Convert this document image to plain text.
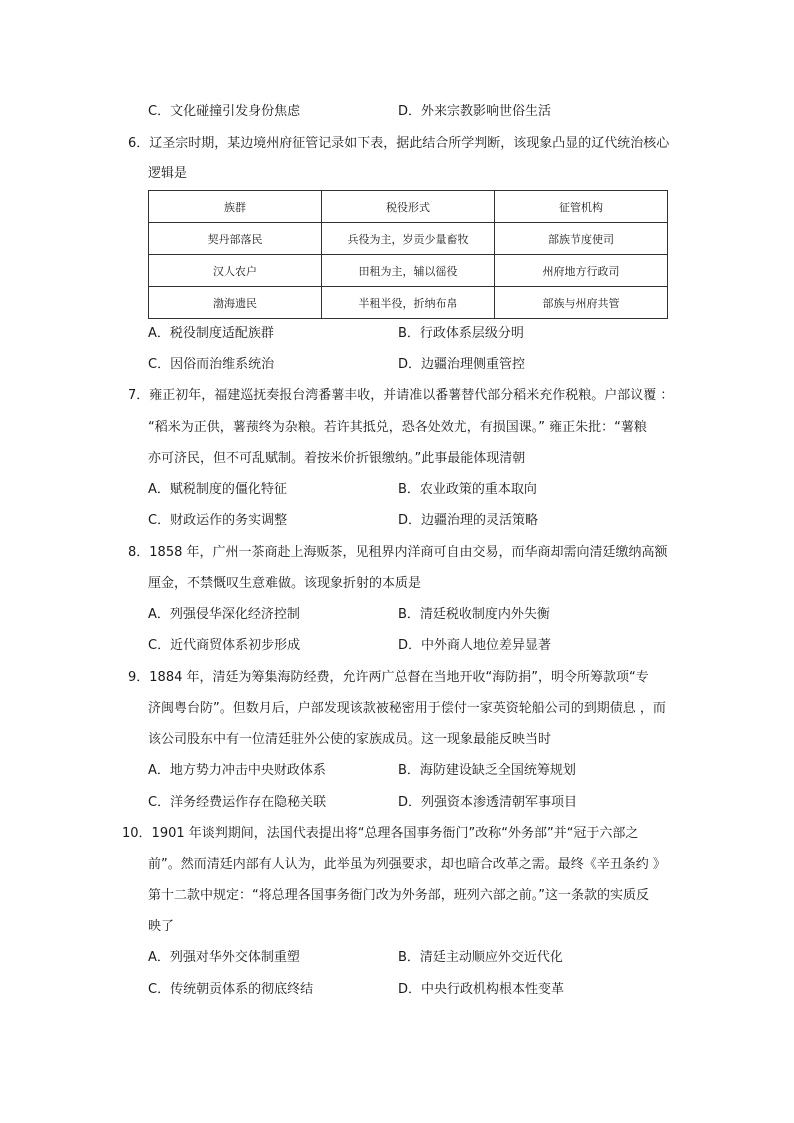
C．文化碰撞引发身份焦虑	D．外来宗教影响世俗生活
6．辽圣宗时期，某边境州府征管记录如下表，据此结合所学判断，该现象凸显的辽代统治核心
逻辑是
族群	税役形式	征管机构
契丹部落民	兵役为主，岁贡少量畜牧	部族节度使司
汉人农户	田租为主，辅以徭役	州府地方行政司
渤海遗民	半租半役，折纳布帛	部族与州府共管
A．税役制度适配族群	B．行政体系层级分明
C．因俗而治维系统治	D．边疆治理侧重管控
7．雍正初年，福建巡抚奏报台湾番薯丰收，并请准以番薯替代部分稻米充作税粮。户部议覆 ：
“稻米为正供，薯蓣终为杂粮。若许其抵兑，恐各处效尤，有损国课。” 雍正朱批：“薯粮
亦可济民，但不可乱赋制。着按米价折银缴纳。”此事最能体现清朝
A．赋税制度的僵化特征	B．农业政策的重本取向
C．财政运作的务实调整	D．边疆治理的灵活策略
8．1858 年，广州一茶商赴上海贩茶，见租界内洋商可自由交易，而华商却需向清廷缴纳高额
厘金，不禁慨叹生意难做。该现象折射的本质是
A．列强侵华深化经济控制	B．清廷税收制度内外失衡
C．近代商贸体系初步形成	D．中外商人地位差异显著
9．1884 年，清廷为筹集海防经费，允许两广总督在当地开收“海防捐”，明令所筹款项“专
济闽粤台防”。但数月后，户部发现该款被秘密用于偿付一家英资轮船公司的到期债息 ，而
该公司股东中有一位清廷驻外公使的家族成员。这一现象最能反映当时
A．地方势力冲击中央财政体系	B．海防建设缺乏全国统筹规划
C．洋务经费运作存在隐秘关联	D．列强资本渗透清朝军事项目
10．1901 年谈判期间，法国代表提出将“总理各国事务衙门”改称“外务部”并“冠于六部之
前”。然而清廷内部有人认为，此举虽为列强要求，却也暗合改革之需。最终《辛丑条约 》
第十二款中规定：“将总理各国事务衙门改为外务部，班列六部之前。”这一条款的实质反
映了
A．列强对华外交体制重塑	B．清廷主动顺应外交近代化
C．传统朝贡体系的彻底终结	D．中央行政机构根本性变革
